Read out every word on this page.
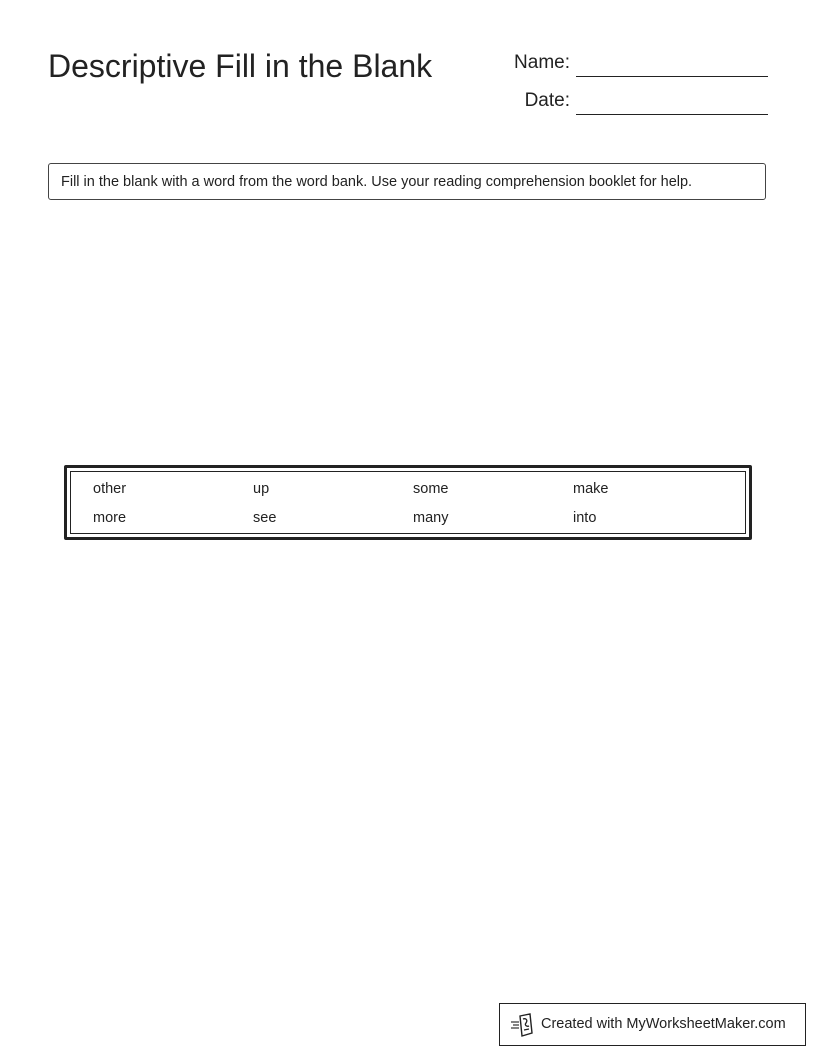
Descriptive Fill in the Blank	Name:
Date:
Fill in the blank with a word from the word bank. Use your reading comprehension booklet for help.
other	up	some	make
more	see	many	into
Created with MyWorksheetMaker.com
